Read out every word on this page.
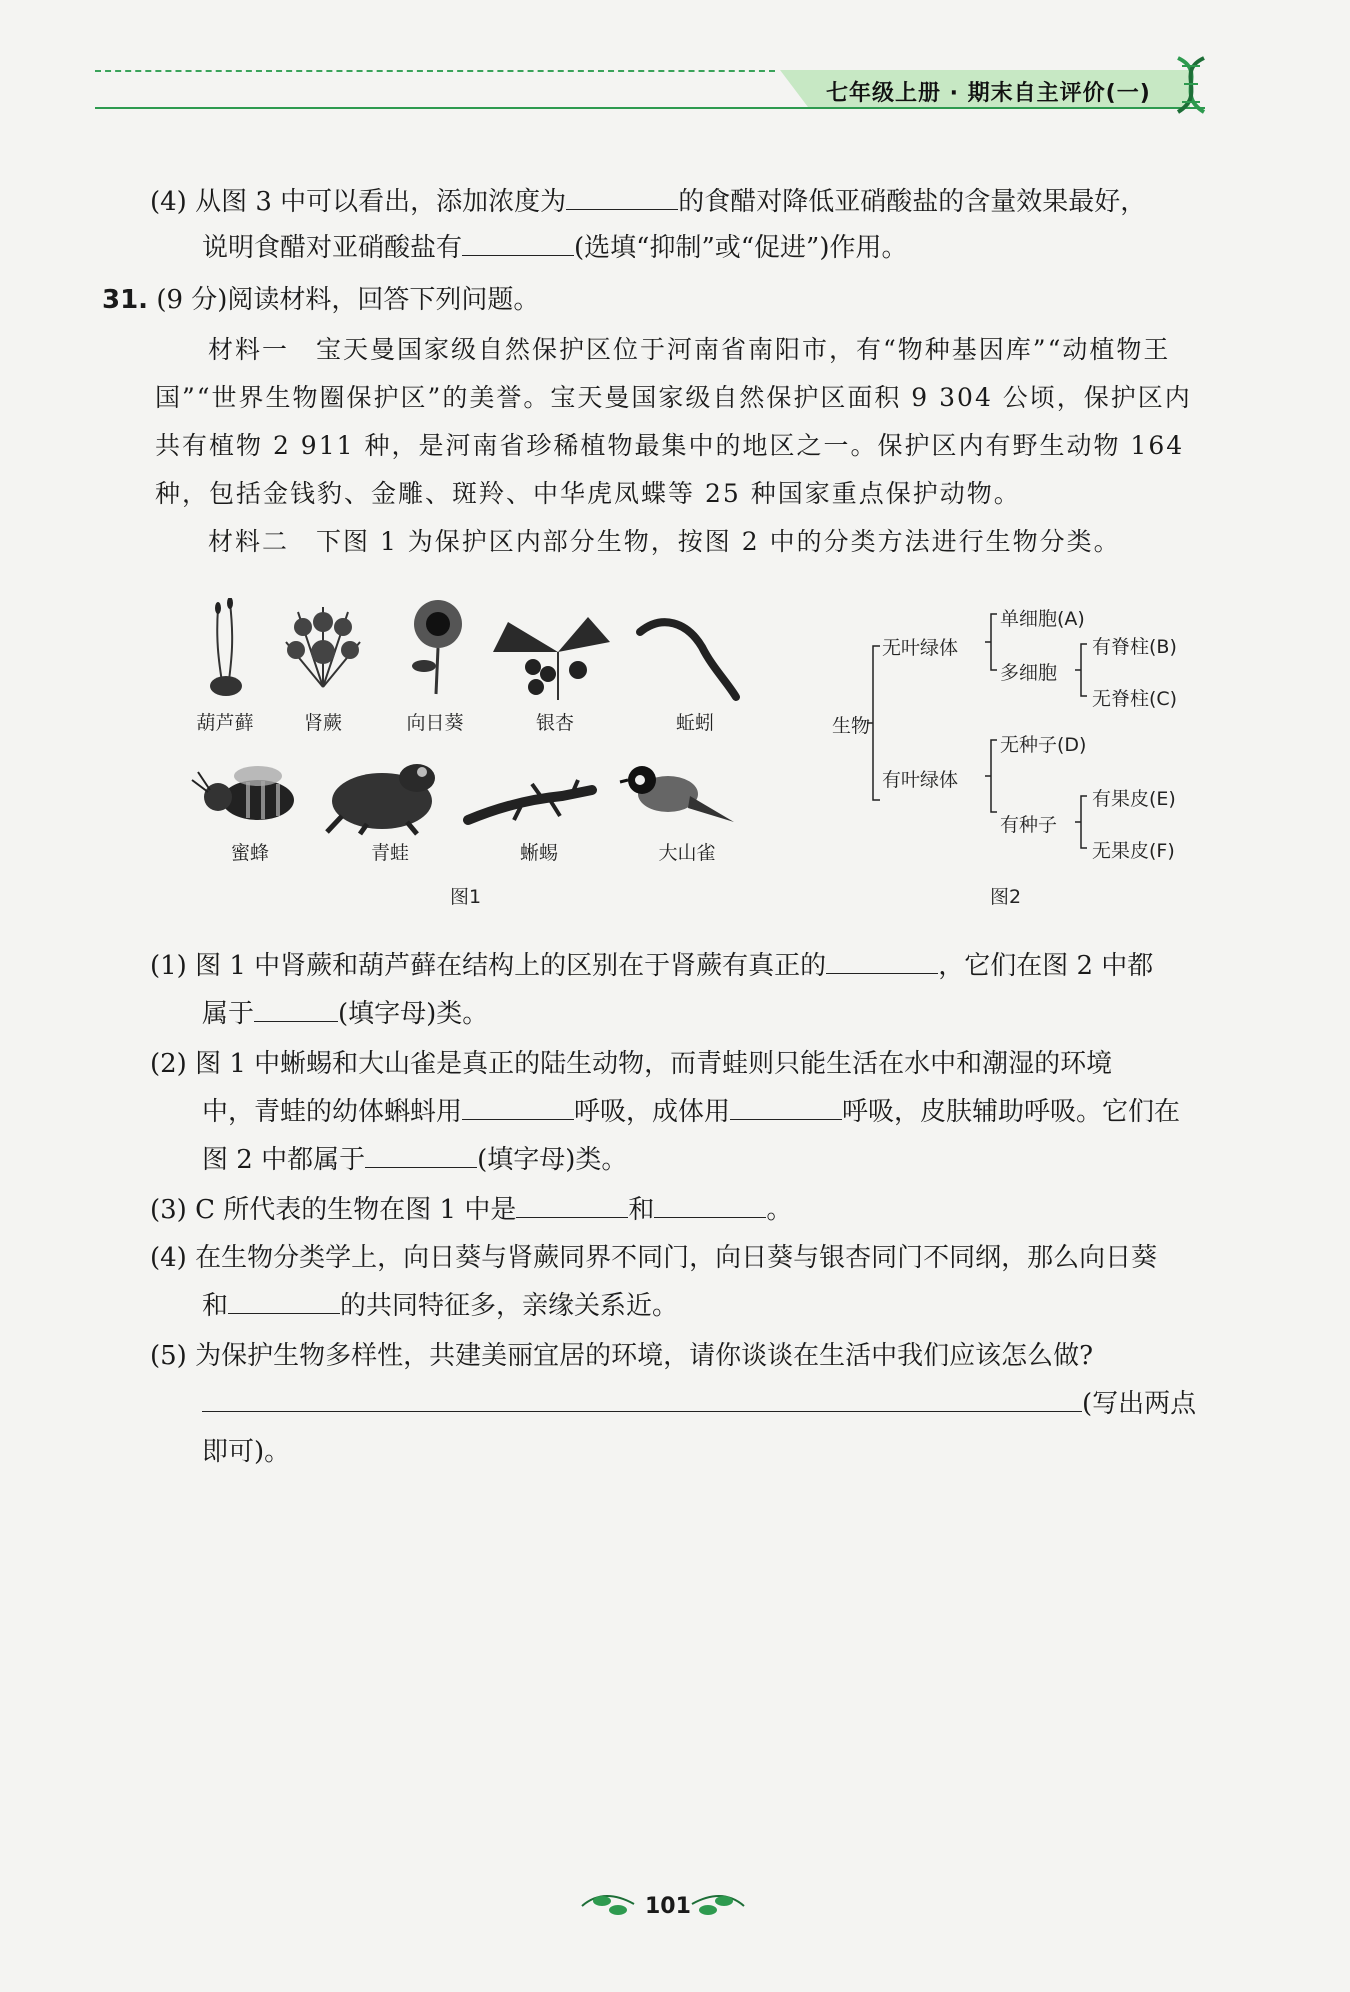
七年级上册 · 期末自主评价(一)
(4) 从图 3 中可以看出，添加浓度为	的食醋对降低亚硝酸盐的含量效果最好，
说明食醋对亚硝酸盐有	(选填“抑制”或“促进”)作用。
31. (9 分)阅读材料，回答下列问题。
材料一　宝天曼国家级自然保护区位于河南省南阳市，有“物种基因库”“动植物王
国”“世界生物圈保护区”的美誉。宝天曼国家级自然保护区面积 9 304 公顷，保护区内
共有植物 2 911 种，是河南省珍稀植物最集中的地区之一。保护区内有野生动物 164
种，包括金钱豹、金雕、斑羚、中华虎凤蝶等 25 种国家重点保护动物。
材料二　下图 1 为保护区内部分生物，按图 2 中的分类方法进行生物分类。
葫芦藓	肾蕨	向日葵	银杏	蚯蚓
蜜蜂	青蛙	蜥蜴	大山雀
图1
生物
无叶绿体
有叶绿体
单细胞(A)
多细胞
有脊柱(B)
无脊柱(C)
无种子(D)
有种子
有果皮(E)
无果皮(F)
图2
(1) 图 1 中肾蕨和葫芦藓在结构上的区别在于肾蕨有真正的	，它们在图 2 中都
属于	(填字母)类。
(2) 图 1 中蜥蜴和大山雀是真正的陆生动物，而青蛙则只能生活在水中和潮湿的环境
中，青蛙的幼体蝌蚪用	呼吸，成体用	呼吸，皮肤辅助呼吸。它们在
图 2 中都属于	(填字母)类。
(3) C 所代表的生物在图 1 中是	和	。
(4) 在生物分类学上，向日葵与肾蕨同界不同门，向日葵与银杏同门不同纲，那么向日葵
和	的共同特征多，亲缘关系近。
(5) 为保护生物多样性，共建美丽宜居的环境，请你谈谈在生活中我们应该怎么做?
(写出两点
即可)。
101
